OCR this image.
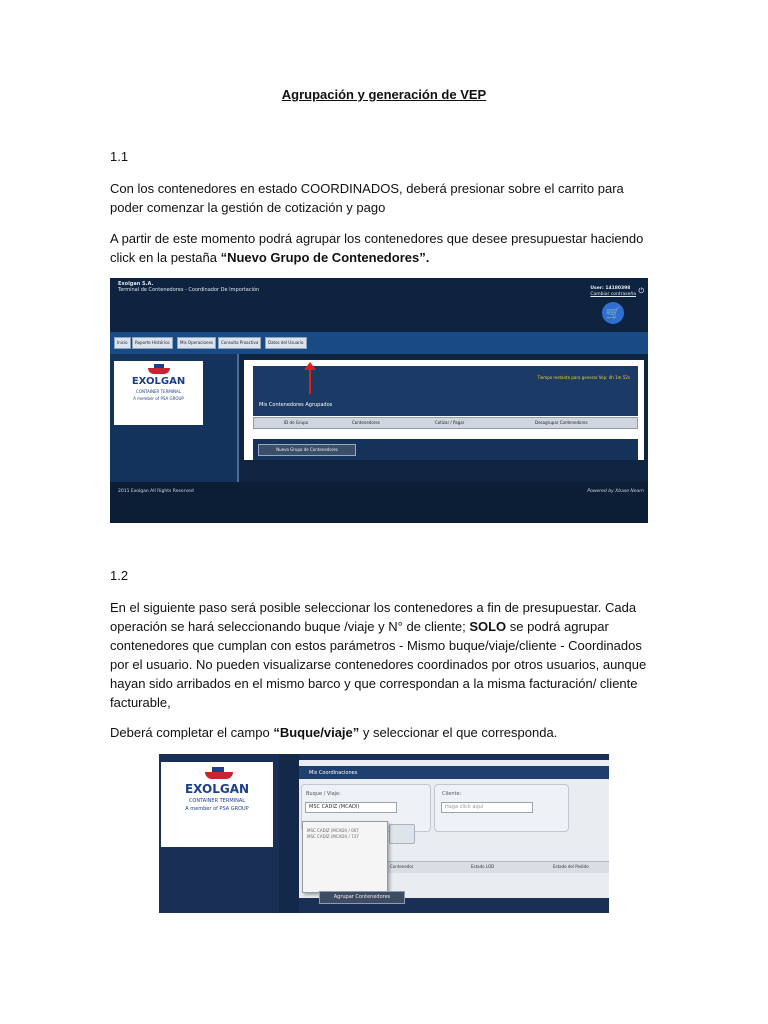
Agrupación y generación de VEP
1.1
Con los contenedores en estado COORDINADOS, deberá presionar sobre el carrito para poder comenzar la gestión de cotización y pago
A partir de este momento podrá agrupar los contenedores que desee presupuestar haciendo click en la pestaña “Nuevo Grupo de Contenedores”.
Exolgan S.A.
Terminal de Contenedores - Coordinador De Importación	User: 14180398
Cambiar contraseña ⏻
🛒
Inicio	Reporte Histórico	Mis Operaciones	Consulta Proactiva	Datos del Usuario
EXOLGAN
CONTAINER TERMINAL
A member of PSA GROUP
Tiempo restante para generar Vep: 4h 1m 52s
Mis Contenedores Agrupados
ID de Grupo	Contenedores	Cotizar / Pagar	Desagrupar Contenedores
Nuevo Grupo de Contenedores
2011 Exolgan All Rights Reserved	Powered by Xbase Nearn
1.2
En el siguiente paso será posible seleccionar los contenedores a fin de presupuestar. Cada operación se hará seleccionando buque /viaje y N° de cliente; SOLO se podrá agrupar contenedores que cumplan con estos parámetros - Mismo buque/viaje/cliente - Coordinados por el usuario. No pueden visualizarse contenedores coordinados por otros usuarios, aunque hayan sido arribados en el mismo barco y que correspondan a la misma facturación/ cliente facturable,
Deberá completar el campo “Buque/viaje” y seleccionar el que corresponda.
EXOLGAN
CONTAINER TERMINAL
A member of PSA GROUP
Mis Coordinaciones
Buque / Viaje:
MSC CADIZ (MCADI)
Cliente:
Haga click aquí
Contenedor	Estado LOD	Estado del Pedido
MSC CADIZ (MCADI) / 007
MSC CADIZ (MCADI) / 737
Agrupar Contenedores
